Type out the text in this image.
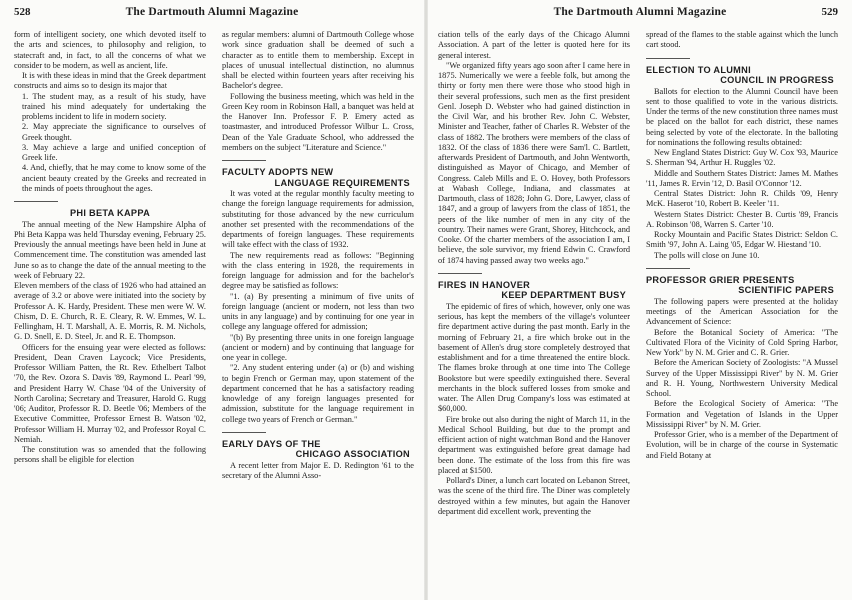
528	The Dartmouth Alumni Magazine

form of intelligent society, one which devoted itself to the arts and sciences, to philosophy and religion, to statecraft and, in fact, to all the concerns of what we consider to be modern, as well as ancient, life.

It is with these ideas in mind that the Greek department constructs and aims so to design its major that

1. The student may, as a result of his study, have trained his mind adequately for undertaking the problems incident to life in modern society.

2. May appreciate the significance to ourselves of Greek thought.

3. May achieve a large and unified conception of Greek life.

4. And, chiefly, that he may come to know some of the ancient beauty created by the Greeks and recreated in the minds of poets throughout the ages.

PHI BETA KAPPA

The annual meeting of the New Hampshire Alpha of Phi Beta Kappa was held Thursday evening, February 25. Previously the annual meetings have been held in June at Commencement time. The constitution was amended last June so as to change the date of the annual meeting to the week of February 22.

Eleven members of the class of 1926 who had attained an average of 3.2 or above were initiated into the society by Professor A. K. Hardy, President. These men were W. W. Chism, D. E. Church, R. E. Cleary, R. W. Emmes, W. L. Fellingham, H. T. Marshall, A. E. Morris, R. M. Nichols, G. D. Snell, E. D. Steel, Jr. and R. E. Thompson.

Officers for the ensuing year were elected as follows: President, Dean Craven Laycock; Vice Presidents, Professor William Patten, the Rt. Rev. Ethelbert Talbot '70, the Rev. Ozora S. Davis '89, Raymond L. Pearl '99, and President Harry W. Chase '04 of the University of North Carolina; Secretary and Treasurer, Harold G. Rugg '06; Auditor, Professor R. D. Beetle '06; Members of the Executive Committee, Professor Ernest B. Watson '02, Professor William H. Murray '02, and Professor Royal C. Nemiah.

The constitution was so amended that the following persons shall be eligible for election

as regular members: alumni of Dartmouth College whose work since graduation shall be deemed of such a character as to entitle them to membership. Except in places of unusual intellectual distinction, no alumnus shall be elected within fourteen years after receiving his Bachelor's degree.

Following the business meeting, which was held in the Green Key room in Robinson Hall, a banquet was held at the Hanover Inn. Professor F. P. Emery acted as toastmaster, and introduced Professor Wilbur L. Cross, Dean of the Yale Graduate School, who addressed the members on the subject "Literature and Science."

FACULTY ADOPTS NEW
LANGUAGE REQUIREMENTS

It was voted at the regular monthly faculty meeting to change the foreign language requirements for admission, substituting for those advanced by the new curriculum another set presented with the recommendations of the departments of foreign languages. These requirements will take effect with the class of 1932.

The new requirements read as follows: "Beginning with the class entering in 1928, the requirements in foreign language for admission and for the bachelor's degree may be satisfied as follows:

"1. (a) By presenting a minimum of five units of foreign language (ancient or modern, not less than two units in any language) and by continuing for one year in college any language offered for admission;

"(b) By presenting three units in one foreign language (ancient or modern) and by continuing that language for one year in college.

"2. Any student entering under (a) or (b) and wishing to begin French or German may, upon statement of the department concerned that he has a satisfactory reading knowledge of any foreign languages presented for admission, substitute for the language requirement in college two years of French or German."

EARLY DAYS OF THE
CHICAGO ASSOCIATION

A recent letter from Major E. D. Redington '61 to the secretary of the Alumni Asso-

The Dartmouth Alumni Magazine	529

ciation tells of the early days of the Chicago Alumni Association. A part of the letter is quoted here for its general interest.

"We organized fifty years ago soon after I came here in 1875. Numerically we were a feeble folk, but among the thirty or forty men there were those who stood high in their several professions, such men as the first president Genl. Joseph D. Webster who had gained distinction in the Civil War, and his brother Rev. John C. Webster, Minister and Teacher, father of Charles R. Webster of the class of 1882. The brothers were members of the class of 1832. Of the class of 1836 there were Sam'l. C. Bartlett, afterwards President of Dartmouth, and John Wentworth, distinguished as Mayor of Chicago, and Member of Congress. Caleb Mills and E. O. Hovey, both Professors at Wabash College, Indiana, and classmates at Dartmouth, class of 1828; John G. Dore, Lawyer, class of 1847, and a group of lawyers from the class of 1851, the peers of the like number of men in any city of the country. Their names were Grant, Shorey, Hitchcock, and Cooke. Of the charter members of the association I am, I believe, the sole survivor, my friend Edwin C. Crawford of 1874 having passed away two weeks ago."

FIRES IN HANOVER
KEEP DEPARTMENT BUSY

The epidemic of fires of which, however, only one was serious, has kept the members of the village's volunteer fire department active during the past month. Early in the morning of February 21, a fire which broke out in the basement of Allen's drug store completely destroyed that establishment and for a time threatened the entire block. The flames broke through at one time into The College Bookstore but were speedily extinguished there. Several merchants in the block suffered losses from smoke and water. The Allen Drug Company's loss was estimated at $60,000.

Fire broke out also during the night of March 11, in the Medical School Building, but due to the prompt and efficient action of night watchman Bond and the Hanover department was extinguished before great damage had been done. The estimate of the loss from this fire was placed at $1500.

Pollard's Diner, a lunch cart located on Lebanon Street, was the scene of the third fire. The Diner was completely destroyed within a few minutes, but again the Hanover department did excellent work, preventing the

spread of the flames to the stable against which the lunch cart stood.

ELECTION TO ALUMNI
COUNCIL IN PROGRESS

Ballots for election to the Alumni Council have been sent to those qualified to vote in the various districts. Under the terms of the new constitution three names must be placed on the ballot for each district, these names being selected by vote of the electorate. In the balloting for nominations the following results obtained:

New England States District: Guy W. Cox '93, Maurice S. Sherman '94, Arthur H. Ruggles '02.

Middle and Southern States District: James M. Mathes '11, James R. Ervin '12, D. Basil O'Connor '12.

Central States District: John R. Childs '09, Henry McK. Haserot '10, Robert B. Keeler '11.

Western States District: Chester B. Curtis '89, Francis A. Robinson '08, Warren S. Carter '10.

Rocky Mountain and Pacific States District: Seldon C. Smith '97, John A. Laing '05, Edgar W. Hiestand '10.

The polls will close on June 10.

PROFESSOR GRIER PRESENTS
SCIENTIFIC PAPERS

The following papers were presented at the holiday meetings of the American Association for the Advancement of Science:

Before the Botanical Society of America: "The Cultivated Flora of the Vicinity of Cold Spring Harbor, New York" by N. M. Grier and C. R. Grier.

Before the American Society of Zoologists: "A Mussel Survey of the Upper Mississippi River" by N. M. Grier and R. H. Young, Northwestern University Medical School.

Before the Ecological Society of America: "The Formation and Vegetation of Islands in the Upper Mississippi River" by N. M. Grier.

Professor Grier, who is a member of the Department of Evolution, will be in charge of the course in Systematic and Field Botany at
